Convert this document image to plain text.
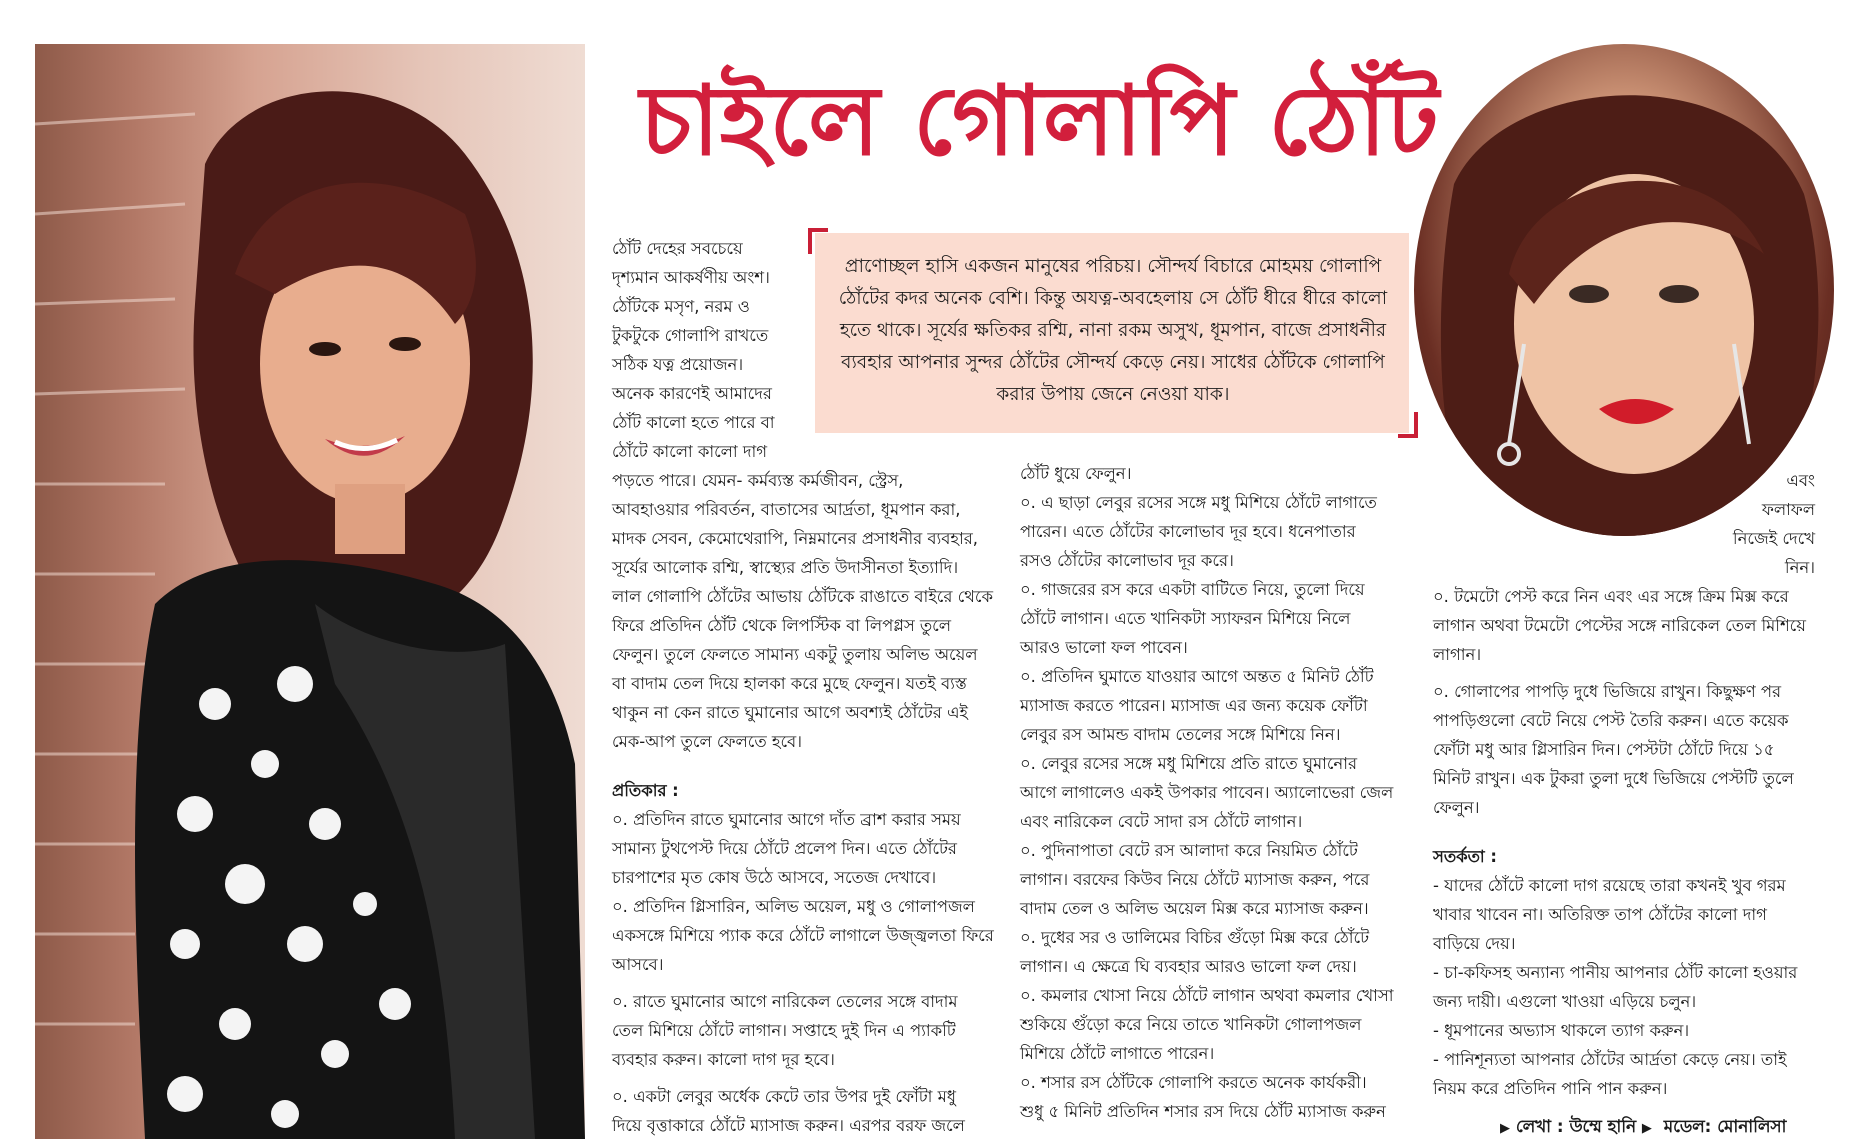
চাইলে গোলাপি ঠোঁট
প্রাণোচ্ছল হাসি একজন মানুষের পরিচয়। সৌন্দর্য বিচারে মোহময় গোলাপি ঠোঁটের কদর অনেক বেশি। কিন্তু অযত্ন-অবহেলায় সে ঠোঁট ধীরে ধীরে কালো হতে থাকে। সূর্যের ক্ষতিকর রশ্মি, নানা রকম অসুখ, ধূমপান, বাজে প্রসাধনীর ব্যবহার আপনার সুন্দর ঠোঁটের সৌন্দর্য কেড়ে নেয়। সাধের ঠোঁটকে গোলাপি করার উপায় জেনে নেওয়া যাক।

ঠোঁট দেহের সবচেয়ে

দৃশ্যমান আকর্ষণীয় অংশ।

ঠোঁটকে মসৃণ, নরম ও

টুকটুকে গোলাপি রাখতে

সঠিক যত্ন প্রয়োজন।

অনেক কারণেই আমাদের

ঠোঁট কালো হতে পারে বা

ঠোঁটে কালো কালো দাগ

পড়তে পারে। যেমন- কর্মব্যস্ত কর্মজীবন, স্ট্রেস,

আবহাওয়ার পরিবর্তন, বাতাসের আর্দ্রতা, ধূমপান করা,

মাদক সেবন, কেমোথেরাপি, নিম্নমানের প্রসাধনীর ব্যবহার,

সূর্যের আলোক রশ্মি, স্বাস্থ্যের প্রতি উদাসীনতা ইত্যাদি।

লাল গোলাপি ঠোঁটের আভায় ঠোঁটকে রাঙাতে বাইরে থেকে

ফিরে প্রতিদিন ঠোঁট থেকে লিপস্টিক বা লিপগ্লস তুলে

ফেলুন। তুলে ফেলতে সামান্য একটু তুলায় অলিভ অয়েল

বা বাদাম তেল দিয়ে হালকা করে মুছে ফেলুন। যতই ব্যস্ত

থাকুন না কেন রাতে ঘুমানোর আগে অবশ্যই ঠোঁটের এই

মেক-আপ তুলে ফেলতে হবে।

প্রতিকার :

০. প্রতিদিন রাতে ঘুমানোর আগে দাঁত ব্রাশ করার সময়

সামান্য টুথপেস্ট দিয়ে ঠোঁটে প্রলেপ দিন। এতে ঠোঁটের

চারপাশের মৃত কোষ উঠে আসবে, সতেজ দেখাবে।

০. প্রতিদিন গ্লিসারিন, অলিভ অয়েল, মধু ও গোলাপজল

একসঙ্গে মিশিয়ে প্যাক করে ঠোঁটে লাগালে উজ্জ্বলতা ফিরে

আসবে।

০. রাতে ঘুমানোর আগে নারিকেল তেলের সঙ্গে বাদাম

তেল মিশিয়ে ঠোঁটে লাগান। সপ্তাহে দুই দিন এ প্যাকটি

ব্যবহার করুন। কালো দাগ দূর হবে।

০. একটা লেবুর অর্ধেক কেটে তার উপর দুই ফোঁটা মধু

দিয়ে বৃত্তাকারে ঠোঁটে ম্যাসাজ করুন। এরপর বরফ জলে

ঠোঁট ধুয়ে ফেলুন।

০. এ ছাড়া লেবুর রসের সঙ্গে মধু মিশিয়ে ঠোঁটে লাগাতে

পারেন। এতে ঠোঁটের কালোভাব দূর হবে। ধনেপাতার

রসও ঠোঁটের কালোভাব দূর করে।

০. গাজরের রস করে একটা বাটিতে নিয়ে, তুলো দিয়ে

ঠোঁটে লাগান। এতে খানিকটা স্যাফরন মিশিয়ে নিলে

আরও ভালো ফল পাবেন।

০. প্রতিদিন ঘুমাতে যাওয়ার আগে অন্তত ৫ মিনিট ঠোঁট

ম্যাসাজ করতে পারেন। ম্যাসাজ এর জন্য কয়েক ফোঁটা

লেবুর রস আমন্ড বাদাম তেলের সঙ্গে মিশিয়ে নিন।

০. লেবুর রসের সঙ্গে মধু মিশিয়ে প্রতি রাতে ঘুমানোর

আগে লাগালেও একই উপকার পাবেন। অ্যালোভেরা জেল

এবং নারিকেল বেটে সাদা রস ঠোঁটে লাগান।

০. পুদিনাপাতা বেটে রস আলাদা করে নিয়মিত ঠোঁটে

লাগান। বরফের কিউব নিয়ে ঠোঁটে ম্যাসাজ করুন, পরে

বাদাম তেল ও অলিভ অয়েল মিক্স করে ম্যাসাজ করুন।

০. দুধের সর ও ডালিমের বিচির গুঁড়ো মিক্স করে ঠোঁটে

লাগান। এ ক্ষেত্রে ঘি ব্যবহার আরও ভালো ফল দেয়।

০. কমলার খোসা নিয়ে ঠোঁটে লাগান অথবা কমলার খোসা

শুকিয়ে গুঁড়ো করে নিয়ে তাতে খানিকটা গোলাপজল

মিশিয়ে ঠোঁটে লাগাতে পারেন।

০. শসার রস ঠোঁটকে গোলাপি করতে অনেক কার্যকরী।

শুধু ৫ মিনিট প্রতিদিন শসার রস দিয়ে ঠোঁট ম্যাসাজ করুন

এবং

ফলাফল

নিজেই দেখে

নিন।

০. টমেটো পেস্ট করে নিন এবং এর সঙ্গে ক্রিম মিক্স করে

লাগান অথবা টমেটো পেস্টের সঙ্গে নারিকেল তেল মিশিয়ে

লাগান।

০. গোলাপের পাপড়ি দুধে ভিজিয়ে রাখুন। কিছুক্ষণ পর

পাপড়িগুলো বেটে নিয়ে পেস্ট তৈরি করুন। এতে কয়েক

ফোঁটা মধু আর গ্লিসারিন দিন। পেস্টটা ঠোঁটে দিয়ে ১৫

মিনিট রাখুন। এক টুকরা তুলা দুধে ভিজিয়ে পেস্টটি তুলে

ফেলুন।

সতর্কতা :

- যাদের ঠোঁটে কালো দাগ রয়েছে তারা কখনই খুব গরম

খাবার খাবেন না। অতিরিক্ত তাপ ঠোঁটের কালো দাগ

বাড়িয়ে দেয়।

- চা-কফিসহ অন্যান্য পানীয় আপনার ঠোঁট কালো হওয়ার

জন্য দায়ী। এগুলো খাওয়া এড়িয়ে চলুন।

- ধূমপানের অভ্যাস থাকলে ত্যাগ করুন।

- পানিশূন্যতা আপনার ঠোঁটের আর্দ্রতা কেড়ে নেয়। তাই

নিয়ম করে প্রতিদিন পানি পান করুন।

▶ লেখা : উম্মে হানি ▶ মডেল: মোনালিসা
